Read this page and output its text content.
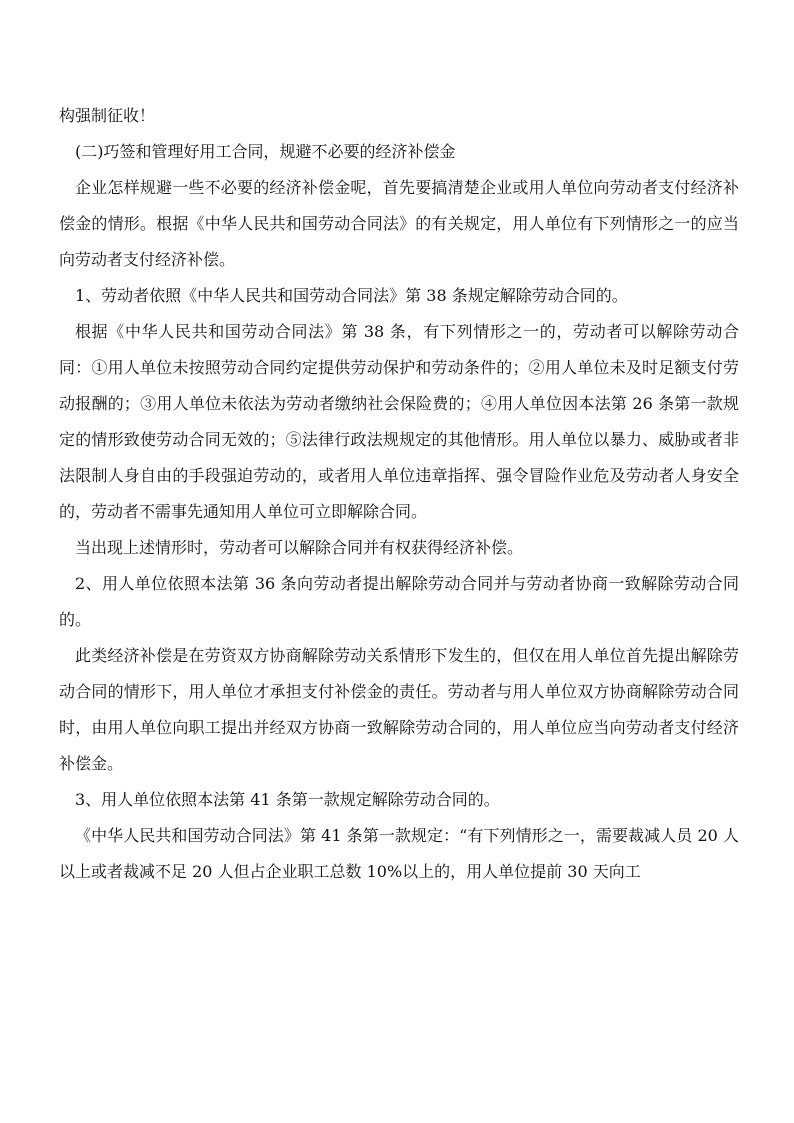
构强制征收！

(二)巧签和管理好用工合同，规避不必要的经济补偿金

企业怎样规避一些不必要的经济补偿金呢，首先要搞清楚企业或用人单位向劳动者支付经济补偿金的情形。根据《中华人民共和国劳动合同法》的有关规定，用人单位有下列情形之一的应当向劳动者支付经济补偿。

1、劳动者依照《中华人民共和国劳动合同法》第 38 条规定解除劳动合同的。

根据《中华人民共和国劳动合同法》第 38 条，有下列情形之一的，劳动者可以解除劳动合同：①用人单位未按照劳动合同约定提供劳动保护和劳动条件的；②用人单位未及时足额支付劳动报酬的；③用人单位未依法为劳动者缴纳社会保险费的；④用人单位因本法第 26 条第一款规定的情形致使劳动合同无效的；⑤法律行政法规规定的其他情形。用人单位以暴力、威胁或者非法限制人身自由的手段强迫劳动的，或者用人单位违章指挥、强令冒险作业危及劳动者人身安全的，劳动者不需事先通知用人单位可立即解除合同。

当出现上述情形时，劳动者可以解除合同并有权获得经济补偿。

2、用人单位依照本法第 36 条向劳动者提出解除劳动合同并与劳动者协商一致解除劳动合同的。

此类经济补偿是在劳资双方协商解除劳动关系情形下发生的，但仅在用人单位首先提出解除劳动合同的情形下，用人单位才承担支付补偿金的责任。劳动者与用人单位双方协商解除劳动合同时，由用人单位向职工提出并经双方协商一致解除劳动合同的，用人单位应当向劳动者支付经济补偿金。

3、用人单位依照本法第 41 条第一款规定解除劳动合同的。

《中华人民共和国劳动合同法》第 41 条第一款规定：“有下列情形之一，需要裁减人员 20 人以上或者裁减不足 20 人但占企业职工总数 10%以上的，用人单位提前 30 天向工
